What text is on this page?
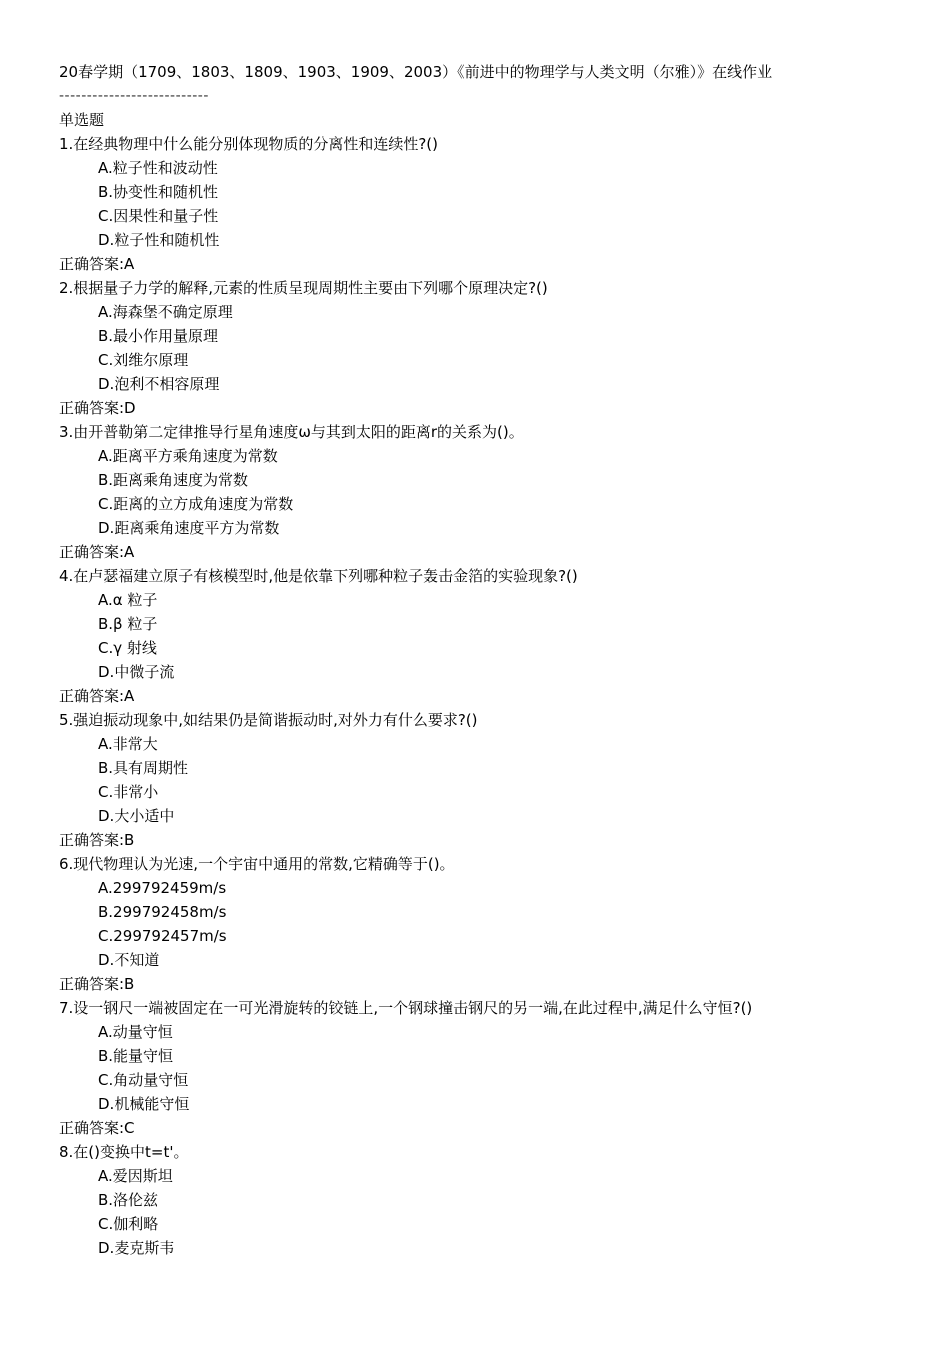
20春学期（1709、1803、1809、1903、1909、2003）《前进中的物理学与人类文明（尔雅）》在线作业
---------------------------
单选题
1.在经典物理中什么能分别体现物质的分离性和连续性?()
A.粒子性和波动性
B.协变性和随机性
C.因果性和量子性
D.粒子性和随机性
正确答案:A
2.根据量子力学的解释,元素的性质呈现周期性主要由下列哪个原理决定?()
A.海森堡不确定原理
B.最小作用量原理
C.刘维尔原理
D.泡利不相容原理
正确答案:D
3.由开普勒第二定律推导行星角速度ω与其到太阳的距离r的关系为()。
A.距离平方乘角速度为常数
B.距离乘角速度为常数
C.距离的立方成角速度为常数
D.距离乘角速度平方为常数
正确答案:A
4.在卢瑟福建立原子有核模型时,他是依靠下列哪种粒子轰击金箔的实验现象?()
A.α 粒子
B.β 粒子
C.γ 射线
D.中微子流
正确答案:A
5.强迫振动现象中,如结果仍是简谐振动时,对外力有什么要求?()
A.非常大
B.具有周期性
C.非常小
D.大小适中
正确答案:B
6.现代物理认为光速,一个宇宙中通用的常数,它精确等于()。
A.299792459m/s
B.299792458m/s
C.299792457m/s
D.不知道
正确答案:B
7.设一钢尺一端被固定在一可光滑旋转的铰链上,一个钢球撞击钢尺的另一端,在此过程中,满足什么守恒?()
A.动量守恒
B.能量守恒
C.角动量守恒
D.机械能守恒
正确答案:C
8.在()变换中t=t'。
A.爱因斯坦
B.洛伦兹
C.伽利略
D.麦克斯韦
